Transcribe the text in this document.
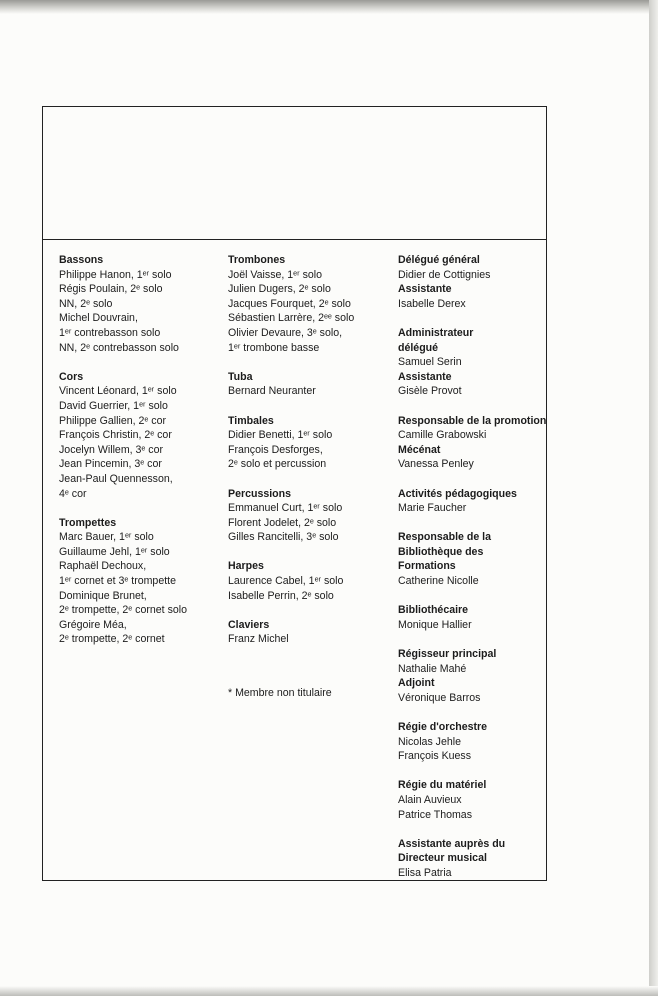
Bassons
Philippe Hanon, 1ᵉʳ solo
Régis Poulain, 2ᵉ solo
NN, 2ᵉ solo
Michel Douvrain,
1ᵉʳ contrebasson solo
NN, 2ᵉ contrebasson solo
Cors
Vincent Léonard, 1ᵉʳ solo
David Guerrier, 1ᵉʳ solo
Philippe Gallien, 2ᵉ cor
François Christin, 2ᵉ cor
Jocelyn Willem, 3ᵉ cor
Jean Pincemin, 3ᵉ cor
Jean-Paul Quennesson,
4ᵉ cor
Trompettes
Marc Bauer, 1ᵉʳ solo
Guillaume Jehl, 1ᵉʳ solo
Raphaël Dechoux,
1ᵉʳ cornet et 3ᵉ trompette
Dominique Brunet,
2ᵉ trompette, 2ᵉ cornet solo
Grégoire Méa,
2ᵉ trompette, 2ᵉ cornet
Trombones
Joël Vaisse, 1ᵉʳ solo
Julien Dugers, 2ᵉ solo
Jacques Fourquet, 2ᵉ solo
Sébastien Larrère, 2ᵉᵉ solo
Olivier Devaure, 3ᵉ solo,
1ᵉʳ trombone basse
Tuba
Bernard Neuranter
Timbales
Didier Benetti, 1ᵉʳ solo
François Desforges,
2ᵉ solo et percussion
Percussions
Emmanuel Curt, 1ᵉʳ solo
Florent Jodelet, 2ᵉ solo
Gilles Rancitelli, 3ᵉ solo
Harpes
Laurence Cabel, 1ᵉʳ solo
Isabelle Perrin, 2ᵉ solo
Claviers
Franz Michel
Délégué général
Didier de Cottignies
Assistante
Isabelle Derex
Administrateur
délégué
Samuel Serin
Assistante
Gisèle Provot
Responsable de la promotion
Camille Grabowski
Mécénat
Vanessa Penley
Activités pédagogiques
Marie Faucher
Responsable de la
Bibliothèque des
Formations
Catherine Nicolle
Bibliothécaire
Monique Hallier
Régisseur principal
Nathalie Mahé
Adjoint
Véronique Barros
Régie d'orchestre
Nicolas Jehle
François Kuess
Régie du matériel
Alain Auvieux
Patrice Thomas
Assistante auprès du
Directeur musical
Elisa Patria
* Membre non titulaire
